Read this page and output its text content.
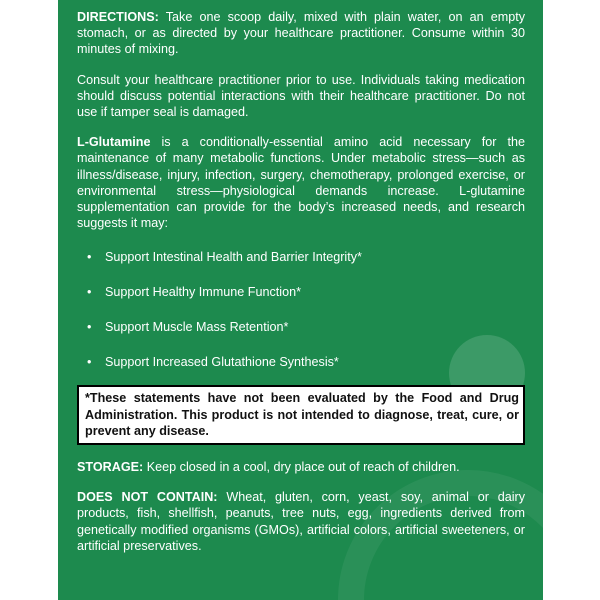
DIRECTIONS: Take one scoop daily, mixed with plain water, on an empty stomach, or as directed by your healthcare practitioner. Consume within 30 minutes of mixing.

Consult your healthcare practitioner prior to use. Individuals taking medication should discuss potential interactions with their healthcare practitioner. Do not use if tamper seal is damaged.

L-Glutamine is a conditionally-essential amino acid necessary for the maintenance of many metabolic functions. Under metabolic stress—such as illness/disease, injury, infection, surgery, chemotherapy, prolonged exercise, or environmental stress—physiological demands increase. L-glutamine supplementation can provide for the body’s increased needs, and research suggests it may:

• Support Intestinal Health and Barrier Integrity*
• Support Healthy Immune Function*
• Support Muscle Mass Retention*
• Support Increased Glutathione Synthesis*
*These statements have not been evaluated by the Food and Drug Administration. This product is not intended to diagnose, treat, cure, or prevent any disease.

STORAGE: Keep closed in a cool, dry place out of reach of children.

DOES NOT CONTAIN: Wheat, gluten, corn, yeast, soy, animal or dairy products, fish, shellfish, peanuts, tree nuts, egg, ingredients derived from genetically modified organisms (GMOs), artificial colors, artificial sweeteners, or artificial preservatives.
